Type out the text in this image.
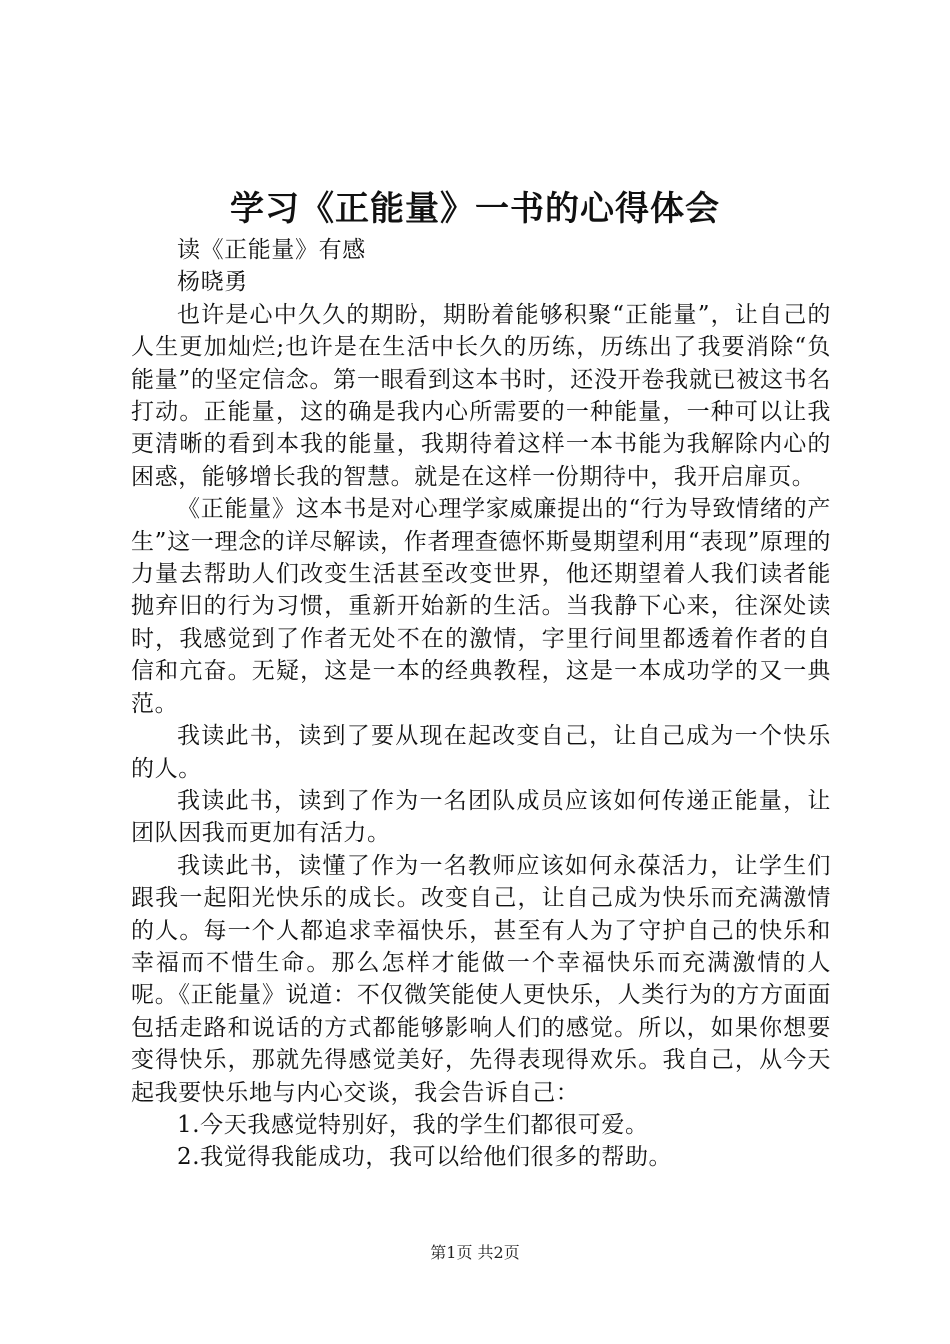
学习《正能量》一书的心得体会

读《正能量》有感

杨晓勇

也许是心中久久的期盼，期盼着能够积聚“正能量”，让自己的人生更加灿烂;也许是在生活中长久的历练，历练出了我要消除“负能量”的坚定信念。第一眼看到这本书时，还没开卷我就已被这书名打动。正能量，这的确是我内心所需要的一种能量，一种可以让我更清晰的看到本我的能量，我期待着这样一本书能为我解除内心的困惑，能够增长我的智慧。就是在这样一份期待中，我开启扉页。

《正能量》这本书是对心理学家威廉提出的“行为导致情绪的产生”这一理念的详尽解读，作者理查德怀斯曼期望利用“表现”原理的力量去帮助人们改变生活甚至改变世界，他还期望着人我们读者能抛弃旧的行为习惯，重新开始新的生活。当我静下心来，往深处读时，我感觉到了作者无处不在的激情，字里行间里都透着作者的自信和亢奋。无疑，这是一本的经典教程，这是一本成功学的又一典范。

我读此书，读到了要从现在起改变自己，让自己成为一个快乐的人。

我读此书，读到了作为一名团队成员应该如何传递正能量，让团队因我而更加有活力。

我读此书，读懂了作为一名教师应该如何永葆活力，让学生们跟我一起阳光快乐的成长。改变自己，让自己成为快乐而充满激情的人。每一个人都追求幸福快乐，甚至有人为了守护自己的快乐和幸福而不惜生命。那么怎样才能做一个幸福快乐而充满激情的人呢。《正能量》说道：不仅微笑能使人更快乐，人类行为的方方面面包括走路和说话的方式都能够影响人们的感觉。所以，如果你想要变得快乐，那就先得感觉美好，先得表现得欢乐。我自己，从今天起我要快乐地与内心交谈，我会告诉自己：

1.今天我感觉特别好，我的学生们都很可爱。

2.我觉得我能成功，我可以给他们很多的帮助。

第1页 共2页
